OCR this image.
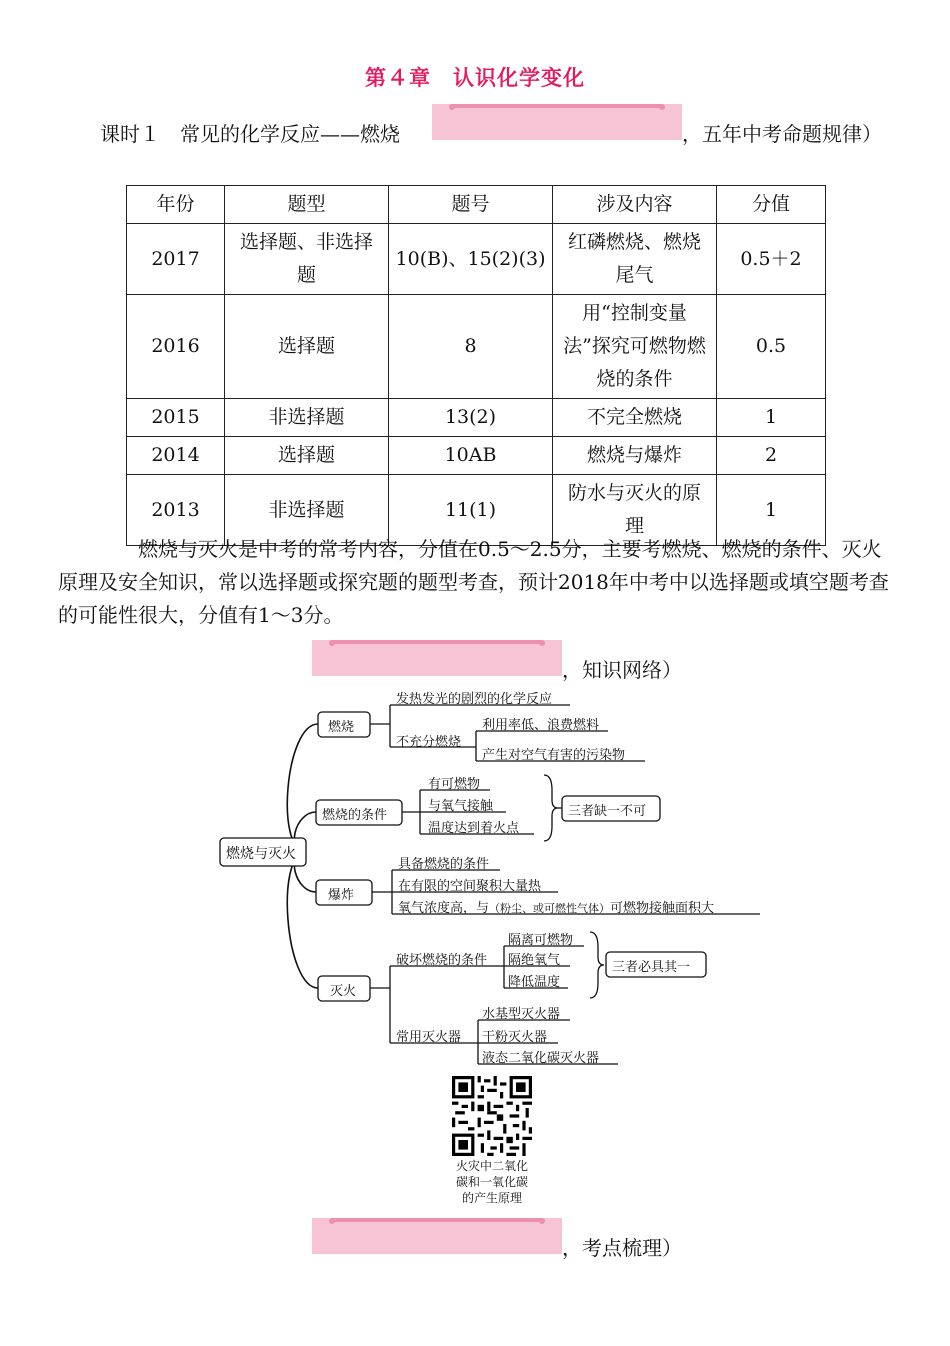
第４章　认识化学变化
课时１　常见的化学反应——燃烧	，五年中考命题规律）
年份	题型	题号	涉及内容	分值
2017	选择题、非选择题	10(B)、15(2)(3)	红磷燃烧、燃烧尾气	0.5＋2
2016	选择题	8	用“控制变量法”探究可燃物燃烧的条件	0.5
2015	非选择题	13(2)	不完全燃烧	1
2014	选择题	10AB	燃烧与爆炸	2
2013	非选择题	11(1)	防水与灭火的原理	1
燃烧与灭火是中考的常考内容，分值在0.5～2.5分，主要考燃烧、燃烧的条件、灭火原理及安全知识，常以选择题或探究题的题型考查，预计2018年中考中以选择题或填空题考查的可能性很大，分值有1～3分。
，知识网络）
燃烧与灭火
燃烧
发热发光的剧烈的化学反应
不充分燃烧
利用率低、浪费燃料
产生对空气有害的污染物
燃烧的条件
有可燃物
与氧气接触
温度达到着火点
三者缺一不可
爆炸
具备燃烧的条件
在有限的空间聚积大量热
氧气浓度高，与（粉尘、或可燃性气体）可燃物接触面积大
灭火
破坏燃烧的条件
隔离可燃物
隔绝氧气
降低温度
三者必具其一
常用灭火器
水基型灭火器
干粉灭火器
液态二氧化碳灭火器
火灾中二氧化
碳和一氧化碳
的产生原理
，考点梳理）
